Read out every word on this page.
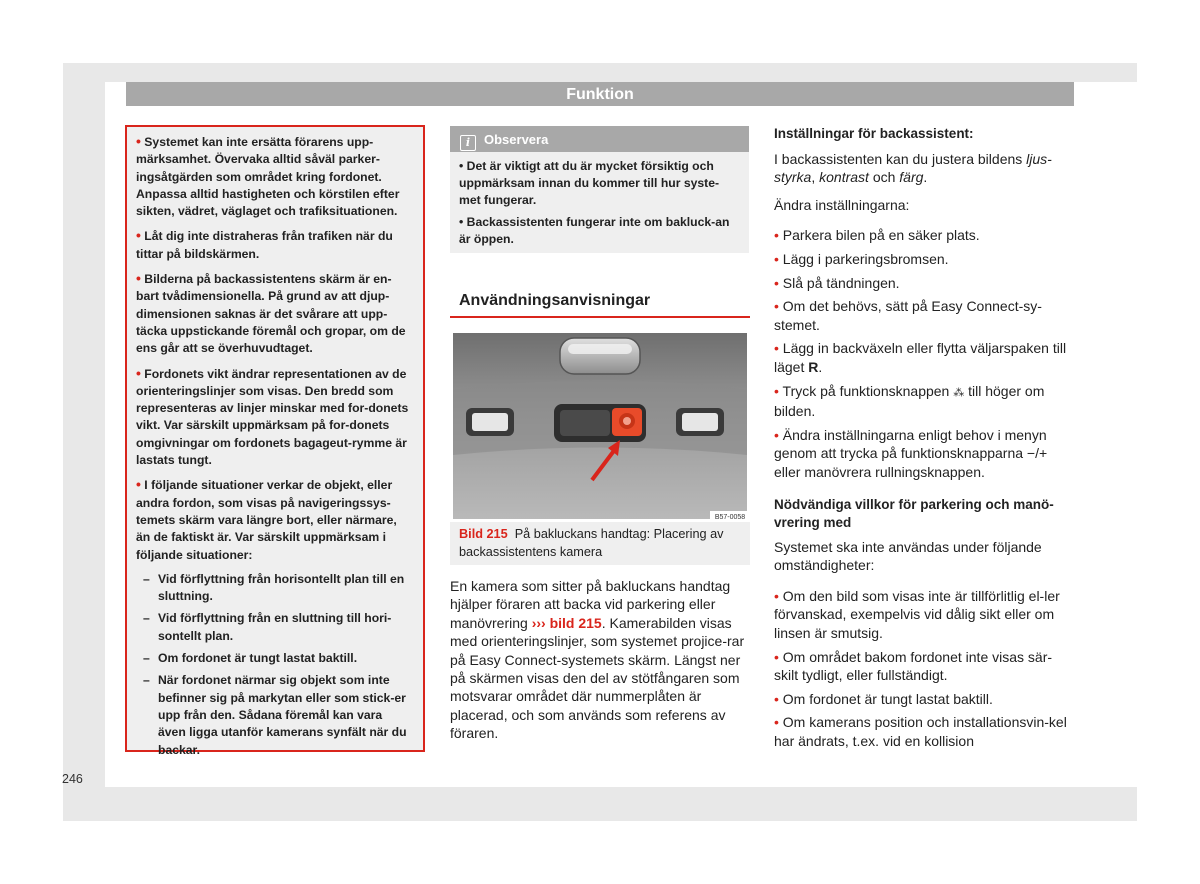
Funktion

• Systemet kan inte ersätta förarens upp-märksamhet. Övervaka alltid såväl parker-ingsåtgärden som området kring fordonet. Anpassa alltid hastigheten och körstilen efter sikten, vädret, väglaget och trafiksituationen.

• Låt dig inte distraheras från trafiken när du tittar på bildskärmen.

• Bilderna på backassistentens skärm är en-bart tvådimensionella. På grund av att djup-dimensionen saknas är det svårare att upp-täcka uppstickande föremål och gropar, om de ens går att se överhuvudtaget.

• Fordonets vikt ändrar representationen av de orienteringslinjer som visas. Den bredd som representeras av linjer minskar med for-donets vikt. Var särskilt uppmärksam på for-donets omgivningar om fordonets bagageut-rymme är lastats tungt.

• I följande situationer verkar de objekt, eller andra fordon, som visas på navigeringssys-temets skärm vara längre bort, eller närmare, än de faktiskt är. Var särskilt uppmärksam i följande situationer:

– Vid förflyttning från horisontellt plan till en sluttning.
– Vid förflyttning från en sluttning till hori-sontellt plan.
– Om fordonet är tungt lastat baktill.
– När fordonet närmar sig objekt som inte befinner sig på markytan eller som stick-er upp från den. Sådana föremål kan vara även ligga utanför kamerans synfält när du backar.
i Observera

• Det är viktigt att du är mycket försiktig och uppmärksam innan du kommer till hur syste-met fungerar.

• Backassistenten fungerar inte om bakluck-an är öppen.

Användningsanvisningar
B57-0058
Bild 215 På bakluckans handtag: Placering av backassistentens kamera
En kamera som sitter på bakluckans handtag hjälper föraren att backa vid parkering eller manövrering ››› bild 215. Kamerabilden visas med orienteringslinjer, som systemet projice-rar på Easy Connect-systemets skärm. Längst ner på skärmen visas den del av stötfångaren som motsvarar området där nummerplåten är placerad, och som används som referens av föraren.

Inställningar för backassistent:

I backassistenten kan du justera bildens ljus-styrka, kontrast och färg.

Ändra inställningarna:

• Parkera bilen på en säker plats.

• Lägg i parkeringsbromsen.

• Slå på tändningen.

• Om det behövs, sätt på Easy Connect-sy-stemet.

• Lägg in backväxeln eller flytta väljarspaken till läget R.

• Tryck på funktionsknappen ⁂ till höger om bilden.

• Ändra inställningarna enligt behov i menyn genom att trycka på funktionsknapparna −/+ eller manövrera rullningsknappen.

Nödvändiga villkor för parkering och manö-vrering med

Systemet ska inte användas under följande omständigheter:

• Om den bild som visas inte är tillförlitlig el-ler förvanskad, exempelvis vid dålig sikt eller om linsen är smutsig.

• Om området bakom fordonet inte visas sär-skilt tydligt, eller fullständigt.

• Om fordonet är tungt lastat baktill.

• Om kamerans position och installationsvin-kel har ändrats, t.ex. vid en kollision

246
